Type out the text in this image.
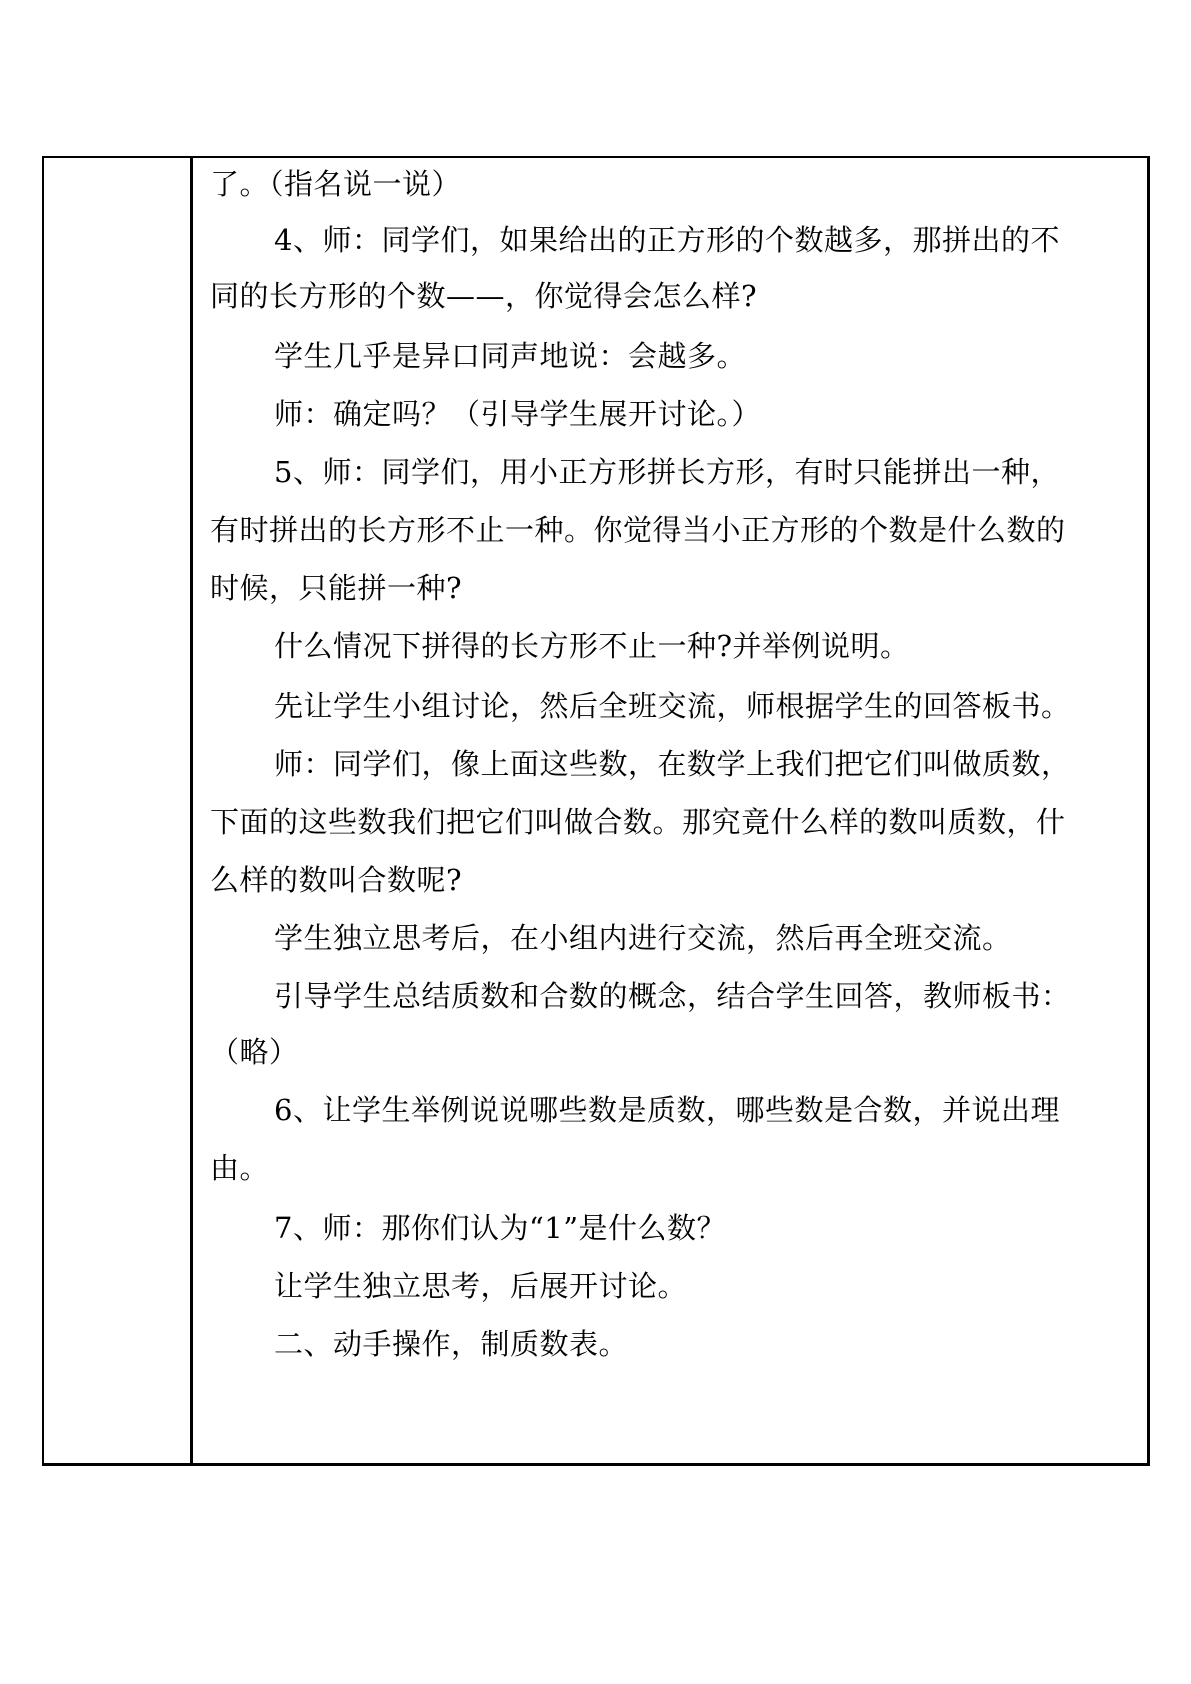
了。（指名说一说）

4、师：同学们，如果给出的正方形的个数越多，那拼出的不

同的长方形的个数——，你觉得会怎么样?

学生几乎是异口同声地说：会越多。

师：确定吗？（引导学生展开讨论。）

5、师：同学们，用小正方形拼长方形，有时只能拼出一种，

有时拼出的长方形不止一种。你觉得当小正方形的个数是什么数的

时候，只能拼一种?

什么情况下拼得的长方形不止一种?并举例说明。

先让学生小组讨论，然后全班交流，师根据学生的回答板书。

师：同学们，像上面这些数，在数学上我们把它们叫做质数，

下面的这些数我们把它们叫做合数。那究竟什么样的数叫质数，什

么样的数叫合数呢?

学生独立思考后，在小组内进行交流，然后再全班交流。

引导学生总结质数和合数的概念，结合学生回答，教师板书：

（略）

6、让学生举例说说哪些数是质数，哪些数是合数，并说出理

由。

7、师：那你们认为“1”是什么数？

让学生独立思考，后展开讨论。

二、动手操作，制质数表。
